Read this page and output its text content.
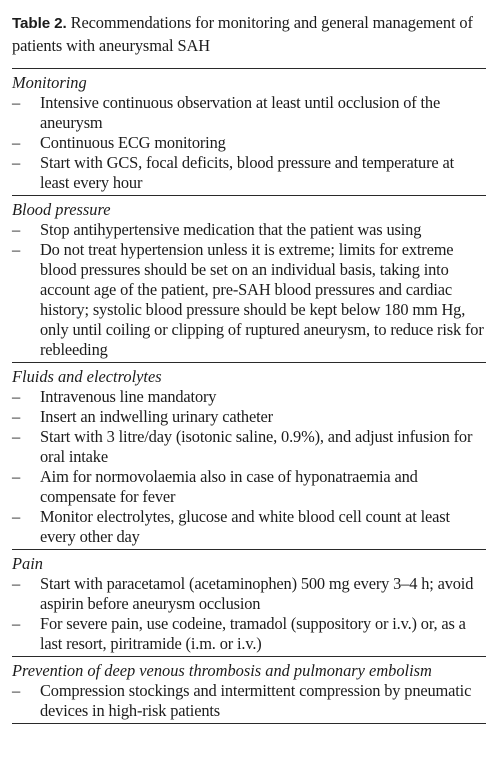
Table 2. Recommendations for monitoring and general management of patients with aneurysmal SAH

Monitoring

– Intensive continuous observation at least until occlusion of the aneurysm
– Continuous ECG monitoring
– Start with GCS, focal deficits, blood pressure and temperature at least every hour

Blood pressure

– Stop antihypertensive medication that the patient was using
– Do not treat hypertension unless it is extreme; limits for extreme blood pressures should be set on an individual basis, taking into account age of the patient, pre-SAH blood pressures and cardiac history; systolic blood pressure should be kept below 180 mm Hg, only until coiling or clipping of ruptured aneurysm, to reduce risk for rebleeding

Fluids and electrolytes

– Intravenous line mandatory
– Insert an indwelling urinary catheter
– Start with 3 litre/day (isotonic saline, 0.9%), and adjust infusion for oral intake
– Aim for normovolaemia also in case of hyponatraemia and compensate for fever
– Monitor electrolytes, glucose and white blood cell count at least every other day

Pain

– Start with paracetamol (acetaminophen) 500 mg every 3–4 h; avoid aspirin before aneurysm occlusion
– For severe pain, use codeine, tramadol (suppository or i.v.) or, as a last resort, piritramide (i.m. or i.v.)

Prevention of deep venous thrombosis and pulmonary embolism

– Compression stockings and intermittent compression by pneumatic devices in high-risk patients
